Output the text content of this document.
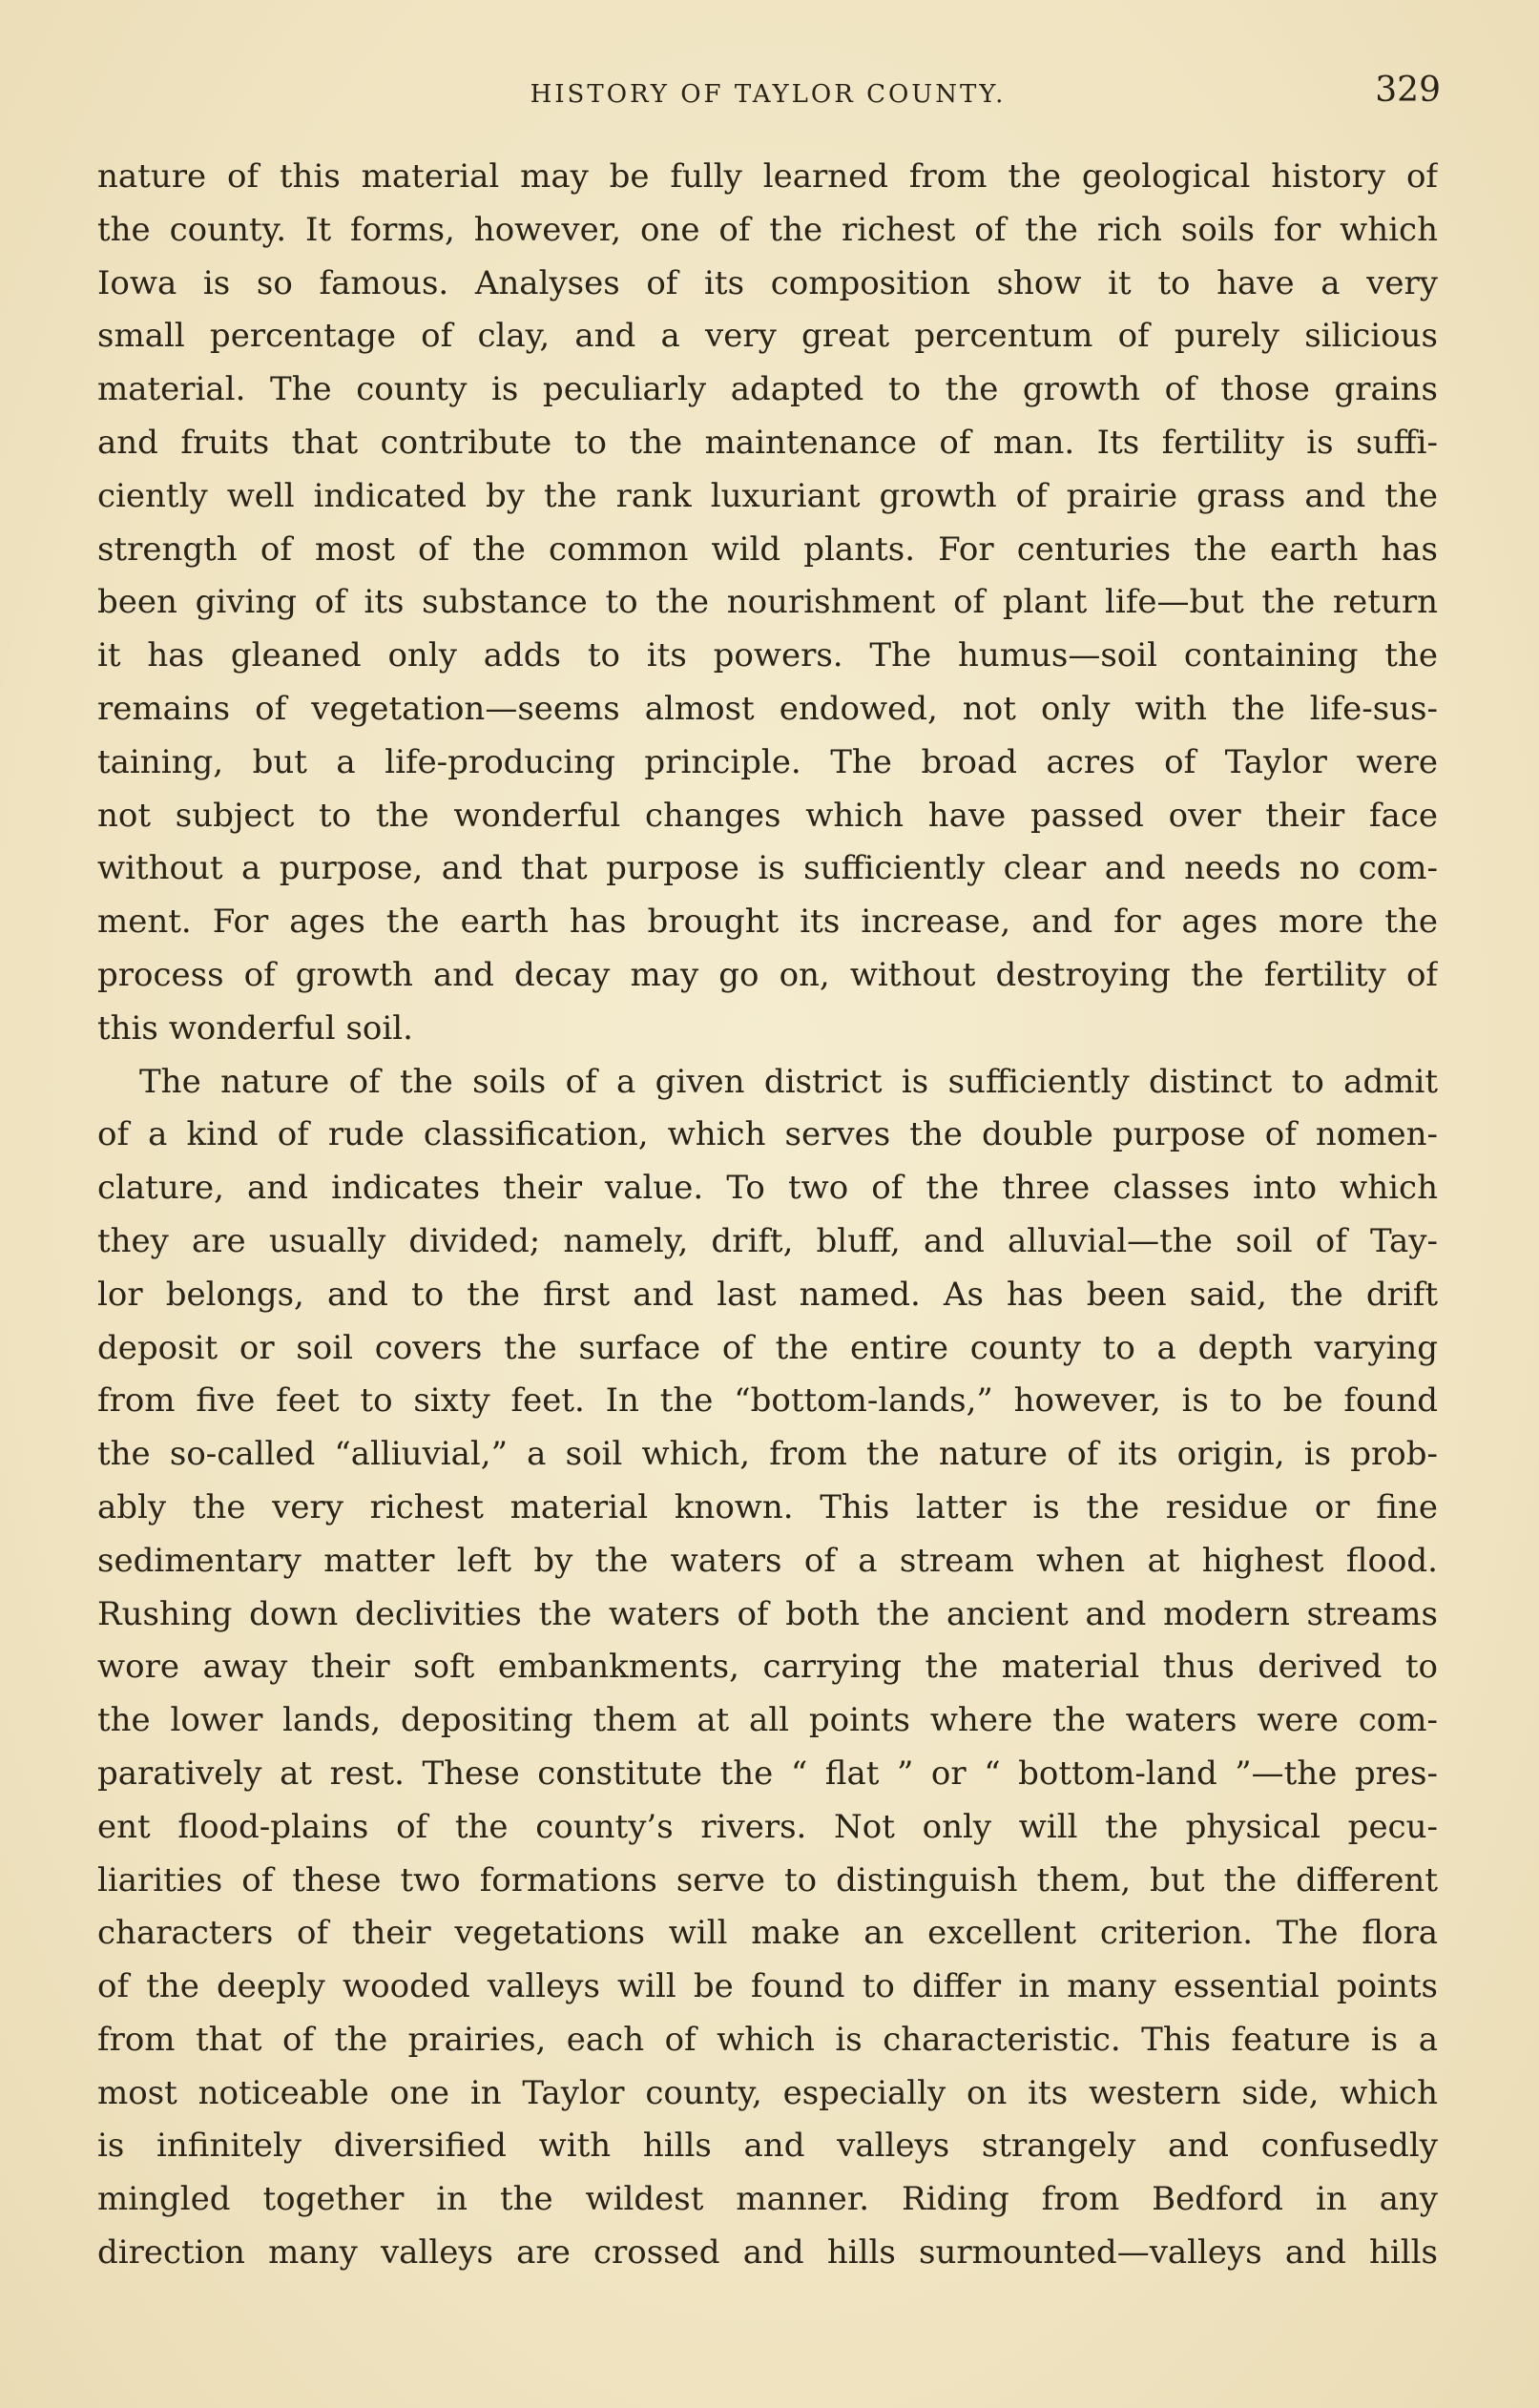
HISTORY OF TAYLOR COUNTY.	329
nature of this material may be fully learned from the geological history of
the county. It forms, however, one of the richest of the rich soils for which
Iowa is so famous. Analyses of its composition show it to have a very
small percentage of clay, and a very great percentum of purely silicious
material. The county is peculiarly adapted to the growth of those grains
and fruits that contribute to the maintenance of man. Its fertility is suffi-
ciently well indicated by the rank luxuriant growth of prairie grass and the
strength of most of the common wild plants. For centuries the earth has
been giving of its substance to the nourishment of plant life—but the return
it has gleaned only adds to its powers. The humus—soil containing the
remains of vegetation—seems almost endowed, not only with the life-sus-
taining, but a life-producing principle. The broad acres of Taylor were
not subject to the wonderful changes which have passed over their face
without a purpose, and that purpose is sufficiently clear and needs no com-
ment. For ages the earth has brought its increase, and for ages more the
process of growth and decay may go on, without destroying the fertility of
this wonderful soil.
The nature of the soils of a given district is sufficiently distinct to admit
of a kind of rude classification, which serves the double purpose of nomen-
clature, and indicates their value. To two of the three classes into which
they are usually divided; namely, drift, bluff, and alluvial—the soil of Tay-
lor belongs, and to the first and last named. As has been said, the drift
deposit or soil covers the surface of the entire county to a depth varying
from five feet to sixty feet. In the “bottom-lands,” however, is to be found
the so-called “alliuvial,” a soil which, from the nature of its origin, is prob-
ably the very richest material known. This latter is the residue or fine
sedimentary matter left by the waters of a stream when at highest flood.
Rushing down declivities the waters of both the ancient and modern streams
wore away their soft embankments, carrying the material thus derived to
the lower lands, depositing them at all points where the waters were com-
paratively at rest. These constitute the “ flat ” or “ bottom-land ”—the pres-
ent flood-plains of the county’s rivers. Not only will the physical pecu-
liarities of these two formations serve to distinguish them, but the different
characters of their vegetations will make an excellent criterion. The flora
of the deeply wooded valleys will be found to differ in many essential points
from that of the prairies, each of which is characteristic. This feature is a
most noticeable one in Taylor county, especially on its western side, which
is infinitely diversified with hills and valleys strangely and confusedly
mingled together in the wildest manner. Riding from Bedford in any
direction many valleys are crossed and hills surmounted—valleys and hills
